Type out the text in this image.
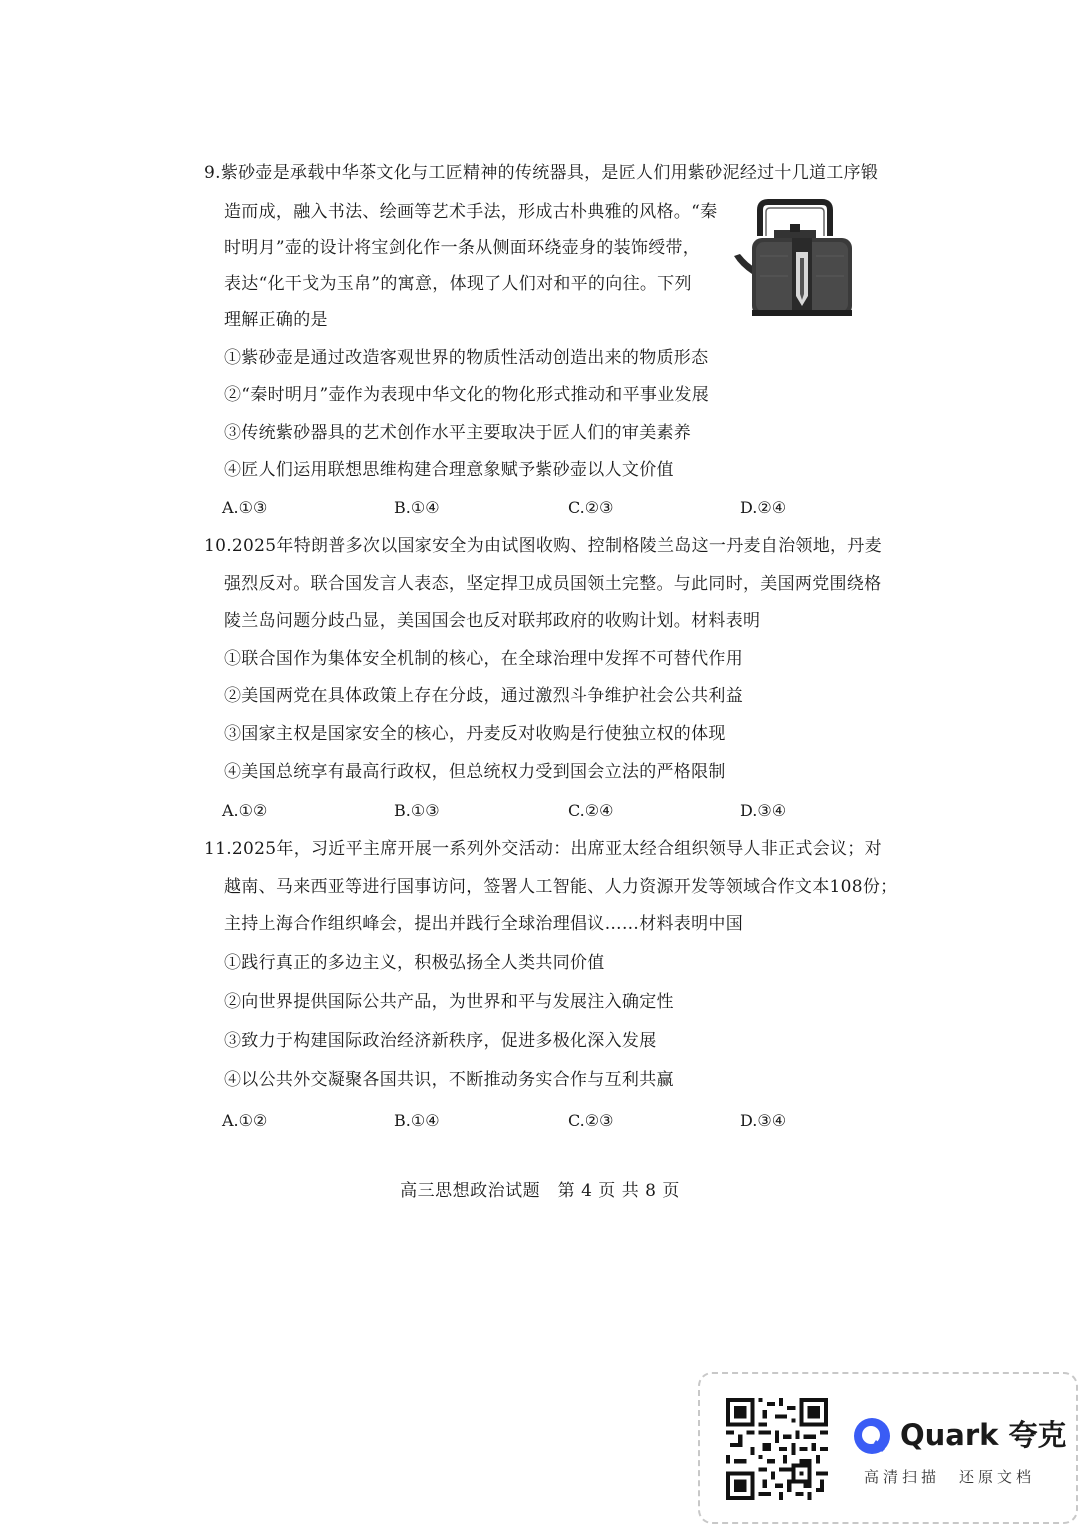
9.紫砂壶是承载中华茶文化与工匠精神的传统器具，是匠人们用紫砂泥经过十几道工序锻
造而成，融入书法、绘画等艺术手法，形成古朴典雅的风格。“秦
时明月”壶的设计将宝剑化作一条从侧面环绕壶身的装饰绶带，
表达“化干戈为玉帛”的寓意，体现了人们对和平的向往。下列
理解正确的是
①紫砂壶是通过改造客观世界的物质性活动创造出来的物质形态
②“秦时明月”壶作为表现中华文化的物化形式推动和平事业发展
③传统紫砂器具的艺术创作水平主要取决于匠人们的审美素养
④匠人们运用联想思维构建合理意象赋予紫砂壶以人文价值
A.①③	B.①④	C.②③	D.②④
10.2025年特朗普多次以国家安全为由试图收购、控制格陵兰岛这一丹麦自治领地，丹麦
强烈反对。联合国发言人表态，坚定捍卫成员国领土完整。与此同时，美国两党围绕格
陵兰岛问题分歧凸显，美国国会也反对联邦政府的收购计划。材料表明
①联合国作为集体安全机制的核心，在全球治理中发挥不可替代作用
②美国两党在具体政策上存在分歧，通过激烈斗争维护社会公共利益
③国家主权是国家安全的核心，丹麦反对收购是行使独立权的体现
④美国总统享有最高行政权，但总统权力受到国会立法的严格限制
A.①②	B.①③	C.②④	D.③④
11.2025年，习近平主席开展一系列外交活动：出席亚太经合组织领导人非正式会议；对
越南、马来西亚等进行国事访问，签署人工智能、人力资源开发等领域合作文本108份；
主持上海合作组织峰会，提出并践行全球治理倡议……材料表明中国
①践行真正的多边主义，积极弘扬全人类共同价值
②向世界提供国际公共产品，为世界和平与发展注入确定性
③致力于构建国际政治经济新秩序，促进多极化深入发展
④以公共外交凝聚各国共识，不断推动务实合作与互利共赢
A.①②	B.①④	C.②③	D.③④
高三思想政治试题　第 4 页 共 8 页
Quark 夸克
高清扫描　还原文档
